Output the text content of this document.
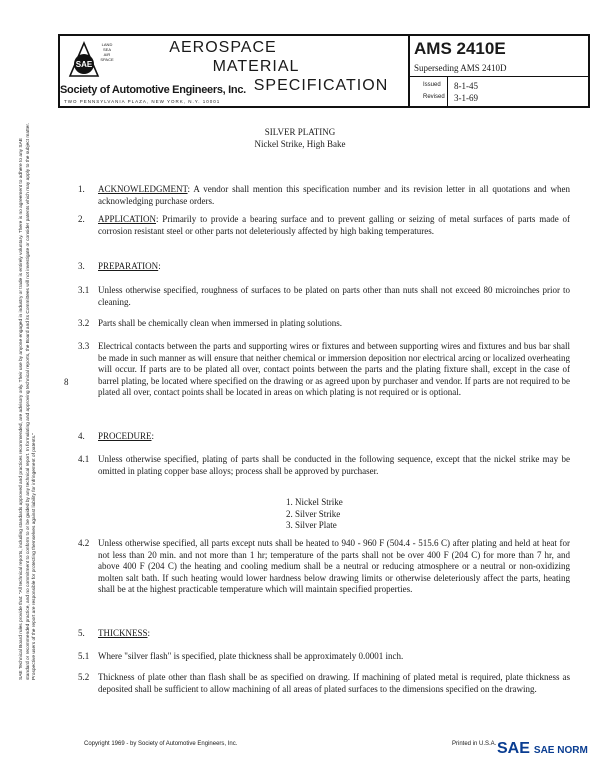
SAE
LAND
SEA
AIR
SPACE
AEROSPACE
MATERIAL
SPECIFICATION
Society of Automotive Engineers, Inc.
TWO PENNSYLVANIA PLAZA, NEW YORK, N.Y. 10001
AMS 2410E
Superseding AMS 2410D
Issued 8-1-45
Revised 3-1-69
SAE Technical Board rules provide that: "All technical reports, including standards approved and practices recommended, are advisory only. Their use by anyone engaged in industry or trade is entirely voluntary. There is no agreement to adhere to any SAE standard or recommended practice, and no commitment to conform to or be guided by any technical report. In formulating and approving technical reports, the Board and its Committees will not investigate or consider patents which may apply to the subject matter. Prospective users of the report are responsible for protecting themselves against liability for infringement of patents."
SILVER PLATING
Nickel Strike, High Bake
1.	ACKNOWLEDGMENT: A vendor shall mention this specification number and its revision letter in all quotations and when acknowledging purchase orders.
2.	APPLICATION: Primarily to provide a bearing surface and to prevent galling or seizing of metal surfaces of parts made of corrosion resistant steel or other parts not deleteriously affected by high baking temperatures.
3.	PREPARATION:
3.1 Unless otherwise specified, roughness of surfaces to be plated on parts other than nuts shall not exceed 80 microinches prior to cleaning.
3.2 Parts shall be chemically clean when immersed in plating solutions.
3.3 Electrical contacts between the parts and supporting wires or fixtures and between supporting wires and fixtures and bus bar shall be made in such manner as will ensure that neither chemical or immersion deposition nor electrical arcing or localized overheating will occur. If parts are to be plated all over, contact points between the parts and the plating fixture shall, except in the case of barrel plating, be located where specified on the drawing or as agreed upon by purchaser and vendor. If parts are not required to be plated all over, contact points shall be located in areas on which plating is not required or is optional.
8
4.	PROCEDURE:
4.1 Unless otherwise specified, plating of parts shall be conducted in the following sequence, except that the nickel strike may be omitted in plating copper base alloys; process shall be approved by purchaser.
1. Nickel Strike
2. Silver Strike
3. Silver Plate
4.2 Unless otherwise specified, all parts except nuts shall be heated to 940 - 960 F (504.4 - 515.6 C) after plating and held at heat for not less than 20 min. and not more than 1 hr; temperature of the parts shall not be over 400 F (204 C) for more than 7 hr, and above 400 F (204 C) the heating and cooling medium shall be a neutral or reducing atmosphere or a neutral or non-oxidizing molten salt bath. If such heating would lower hardness below drawing limits or otherwise deleteriously affect the parts, heating shall be at the highest practicable temperature which will maintain specified properties.
5.	THICKNESS:
5.1 Where "silver flash" is specified, plate thickness shall be approximately 0.0001 inch.
5.2 Thickness of plate other than flash shall be as specified on drawing. If machining of plated metal is required, plate thickness as deposited shall be sufficient to allow machining of all areas of plated surfaces to the dimensions specified on the drawing.
Copyright 1969 - by Society of Automotive Engineers, Inc.	Printed in U.S.A. SAE SAE NORM
